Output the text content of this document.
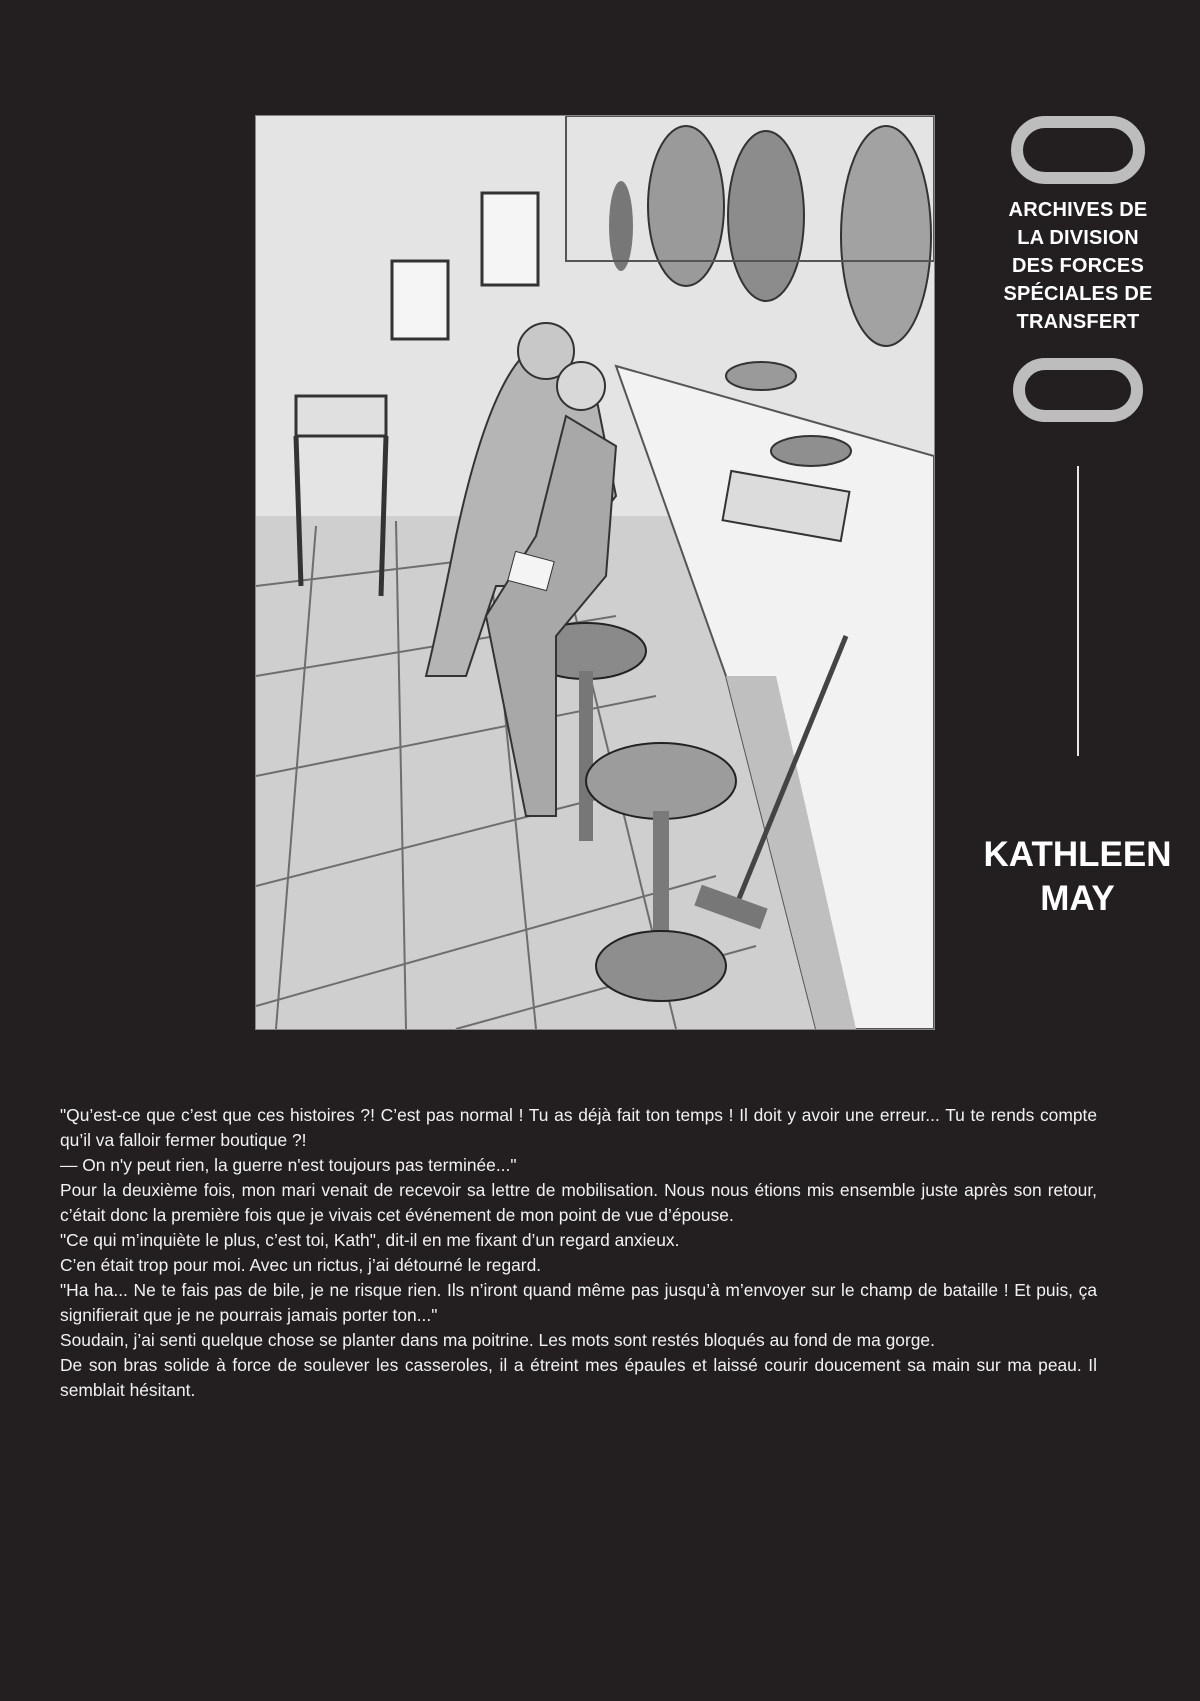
ARCHIVES DE
LA DIVISION
DES FORCES
SPÉCIALES DE
TRANSFERT
KATHLEEN
MAY

"Qu’est-ce que c’est que ces histoires ?! C’est pas normal ! Tu as déjà fait ton temps ! Il doit y avoir une erreur... Tu te rends compte qu’il va falloir fermer boutique ?!

— On n'y peut rien, la guerre n'est toujours pas terminée..."

Pour la deuxième fois, mon mari venait de recevoir sa lettre de mobilisation. Nous nous étions mis ensemble juste après son retour, c’était donc la première fois que je vivais cet événement de mon point de vue d’épouse.

"Ce qui m’inquiète le plus, c’est toi, Kath", dit-il en me fixant d’un regard anxieux.

C’en était trop pour moi. Avec un rictus, j’ai détourné le regard.

"Ha ha... Ne te fais pas de bile, je ne risque rien. Ils n’iront quand même pas jusqu’à m’envoyer sur le champ de bataille ! Et puis, ça signifierait que je ne pourrais jamais porter ton..."

Soudain, j’ai senti quelque chose se planter dans ma poitrine. Les mots sont restés bloqués au fond de ma gorge.

De son bras solide à force de soulever les casseroles, il a étreint mes épaules et laissé courir doucement sa main sur ma peau. Il semblait hésitant.
